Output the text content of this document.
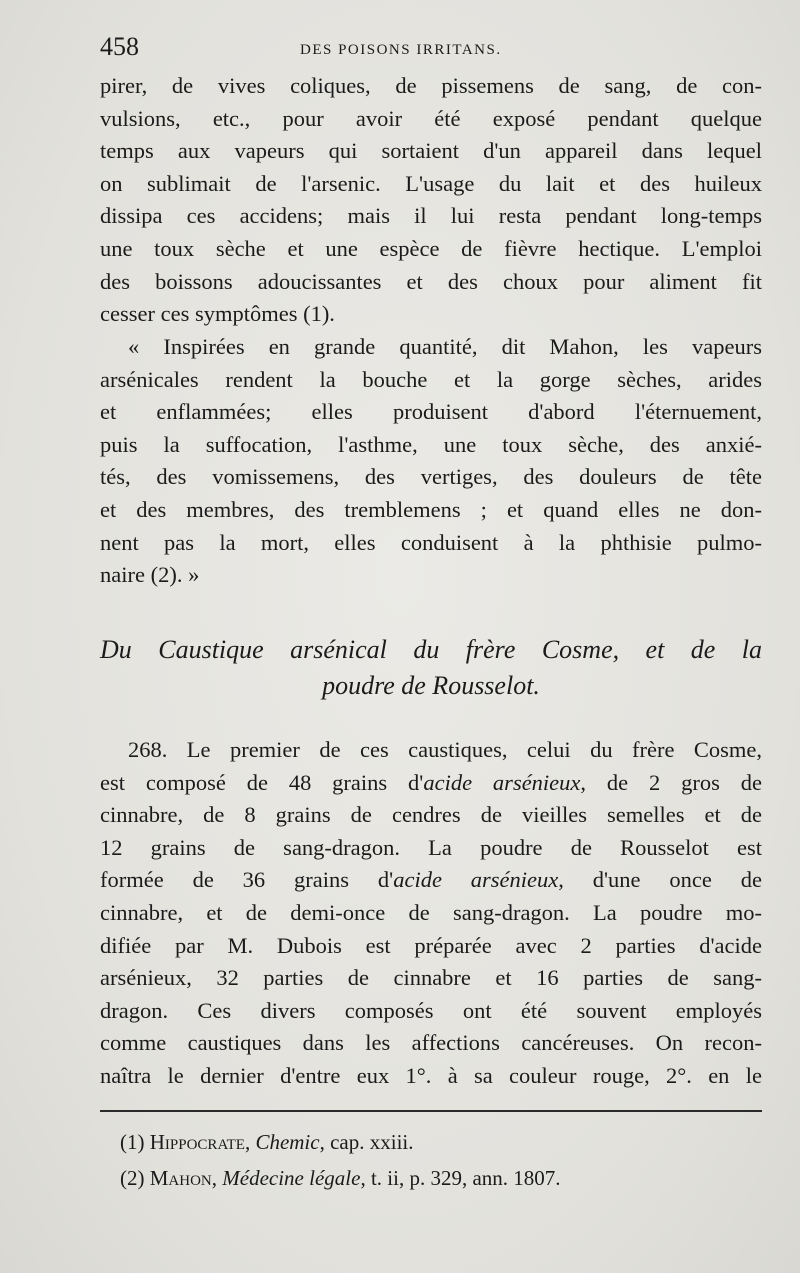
458	DES POISONS IRRITANS.
pirer, de vives coliques, de pissemens de sang, de con-
vulsions, etc., pour avoir été exposé pendant quelque
temps aux vapeurs qui sortaient d'un appareil dans lequel
on sublimait de l'arsenic. L'usage du lait et des huileux
dissipa ces accidens; mais il lui resta pendant long-temps
une toux sèche et une espèce de fièvre hectique. L'emploi
des boissons adoucissantes et des choux pour aliment fit
cesser ces symptômes (1).
« Inspirées en grande quantité, dit Mahon, les vapeurs
arsénicales rendent la bouche et la gorge sèches, arides
et enflammées; elles produisent d'abord l'éternuement,
puis la suffocation, l'asthme, une toux sèche, des anxié-
tés, des vomissemens, des vertiges, des douleurs de tête
et des membres, des tremblemens ; et quand elles ne don-
nent pas la mort, elles conduisent à la phthisie pulmo-
naire (2). »
Du Caustique arsénical du frère Cosme, et de la
poudre de Rousselot.
268. Le premier de ces caustiques, celui du frère Cosme,
est composé de 48 grains d'acide arsénieux, de 2 gros de
cinnabre, de 8 grains de cendres de vieilles semelles et de
12 grains de sang-dragon. La poudre de Rousselot est
formée de 36 grains d'acide arsénieux, d'une once de
cinnabre, et de demi-once de sang-dragon. La poudre mo-
difiée par M. Dubois est préparée avec 2 parties d'acide
arsénieux, 32 parties de cinnabre et 16 parties de sang-
dragon. Ces divers composés ont été souvent employés
comme caustiques dans les affections cancéreuses. On recon-
naîtra le dernier d'entre eux 1°. à sa couleur rouge, 2°. en le
(1) Hippocrate, Chemic, cap. xxiii.
(2) Mahon, Médecine légale, t. ii, p. 329, ann. 1807.
